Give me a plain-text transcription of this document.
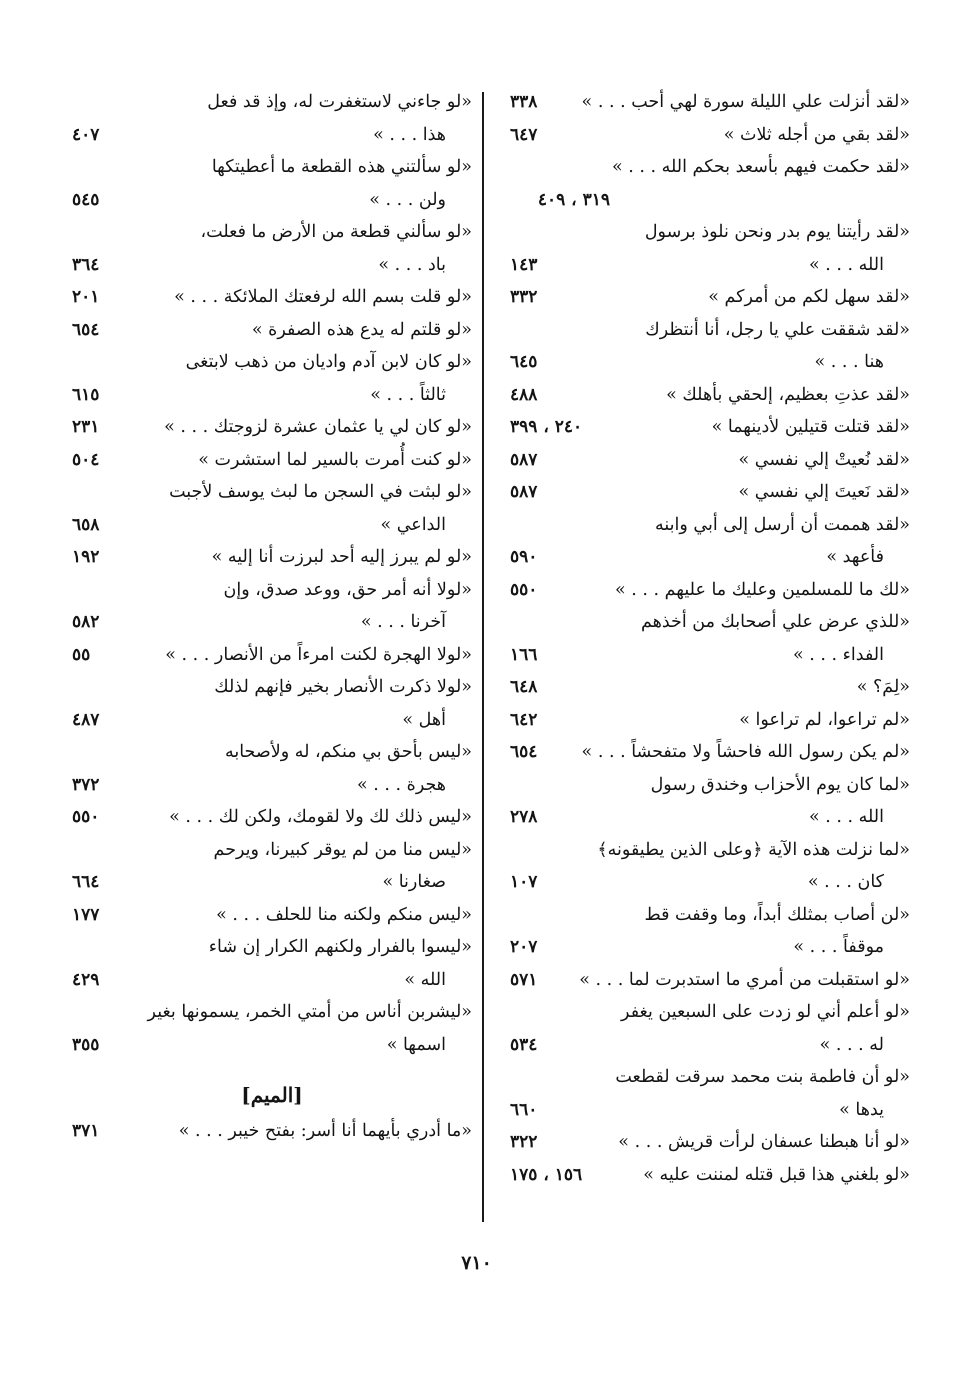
«لقد أنزلت علي الليلة سورة لهي أحب . . . »
٣٣٨
«لقد بقي من أجله ثلاث »
٦٤٧
«لقد حكمت فيهم بأسعد بحكم الله . . . »
٣١٩ ، ٤٠٩
«لقد رأيتنا يوم بدر ونحن نلوذ برسول
الله . . . »
١٤٣
«لقد سهل لكم من أمركم »
٣٣٢
«لقد شققت علي يا رجل، أنا أنتظرك
هنا . . . »
٦٤٥
«لقد عذتِ بعظيم، إلحقي بأهلك »
٤٨٨
«لقد قتلت قتيلين لأدينهما »
٢٤٠ ، ٣٩٩
«لقد نُعيتْ إلي نفسي »
٥٨٧
«لقد نَعيتَ إلي نفسي »
٥٨٧
«لقد هممت أن أرسل إلى أبي وابنه
فأعهد »
٥٩٠
«لك ما للمسلمين وعليك ما عليهم . . . »
٥٥٠
«للذي عرض علي أصحابك من أخذهم
الفداء . . . »
١٦٦
«لِمَ؟ »
٦٤٨
«لم تراعوا، لم تراعوا »
٦٤٢
«لم يكن رسول الله فاحشاً ولا متفحشاً . . . »
٦٥٤
«لما كان يوم الأحزاب وخندق رسول
الله . . . »
٢٧٨
«لما نزلت هذه الآية ﴿وعلى الذين يطيقونه﴾
كان . . . »
١٠٧
«لن أصاب بمثلك أبداً، وما وقفت قط
موقفاً . . . »
٢٠٧
«لو استقبلت من أمري ما استدبرت لما . . . »
٥٧١
«لو أعلم أني لو زدت على السبعين يغفر
له . . . »
٥٣٤
«لو أن فاطمة بنت محمد سرقت لقطعت
يدها »
٦٦٠
«لو أنا هبطنا عسفان لرأت قريش . . . »
٣٢٢
«لو بلغني هذا قبل قتله لمننت عليه »
١٥٦ ، ١٧٥
«لو جاءني لاستغفرت له، وإذ قد فعل
هذا . . . »
٤٠٧
«لو سألتني هذه القطعة ما أعطيتكها
ولن . . . »
٥٤٥
«لو سألني قطعة من الأرض ما فعلت،
باد . . . »
٣٦٤
«لو قلت بسم الله لرفعتك الملائكة . . . »
٢٠١
«لو قلتم له يدع هذه الصفرة »
٦٥٤
«لو كان لابن آدم واديان من ذهب لابتغى
ثالثاً . . . »
٦١٥
«لو كان لي يا عثمان عشرة لزوجتك . . . »
٢٣١
«لو كنت أُمرت بالسير لما استشرت »
٥٠٤
«لو لبثت في السجن ما لبث يوسف لأجبت
الداعي »
٦٥٨
«لو لم يبرز إليه أحد لبرزت أنا إليه »
١٩٢
«لولا أنه أمر حق، ووعد صدق، وإن
آخرنا . . . »
٥٨٢
«لولا الهجرة لكنت امرءاً من الأنصار . . . »
٥٥
«لولا ذكرت الأنصار بخير فإنهم لذلك
أهل »
٤٨٧
«ليس بأحق بي منكم، له ولأصحابه
هجرة . . . »
٣٧٢
«ليس ذلك لك ولا لقومك، ولكن لك . . . »
٥٥٠
«ليس منا من لم يوقر كبيرنا، ويرحم
صغارنا »
٦٦٤
«ليس منكم ولكنه منا للحلف . . . »
١٧٧
«ليسوا بالفرار ولكنهم الكرار إن شاء
الله »
٤٢٩
«ليشربن أناس من أمتي الخمر، يسمونها بغير
اسمها »
٣٥٥
[الميم]
«ما أدري بأيهما أنا أسر: بفتح خيبر . . . »
٣٧١
٧١٠
